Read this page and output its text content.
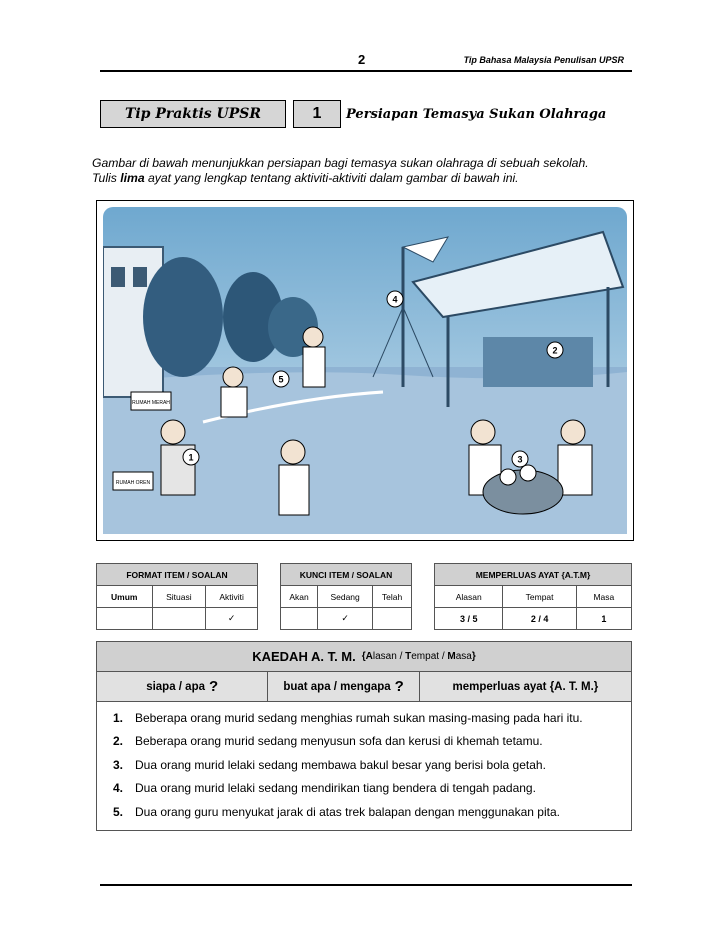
2	Tip Bahasa Malaysia Penulisan UPSR
Tip Praktis UPSR	1 Persiapan Temasya Sukan Olahraga
Gambar di bawah menunjukkan persiapan bagi temasya sukan olahraga di sebuah sekolah.
Tulis lima ayat yang lengkap tentang aktiviti-aktiviti dalam gambar di bawah ini.
RUMAH MERAH
RUMAH OREN
1
2
3
4
5
FORMAT ITEM / SOALAN		
Umum	Situasi	Aktiviti
		✓
KUNCI ITEM / SOALAN		
Akan	Sedang	Telah
	✓	
MEMPERLUAS AYAT {A.T.M}		
Alasan	Tempat	Masa
3 / 5	2 / 4	1
KAEDAH A. T. M. {Alasan / Tempat / Masa}
siapa / apa ?	buat apa / mengapa ?	memperluas ayat {A. T. M.}
1. Beberapa orang murid sedang menghias rumah sukan masing-masing pada hari itu.
2. Beberapa orang murid sedang menyusun sofa dan kerusi di khemah tetamu.
3. Dua orang murid lelaki sedang membawa bakul besar yang berisi bola getah.
4. Dua orang murid lelaki sedang mendirikan tiang bendera di tengah padang.
5. Dua orang guru menyukat jarak di atas trek balapan dengan menggunakan pita.
